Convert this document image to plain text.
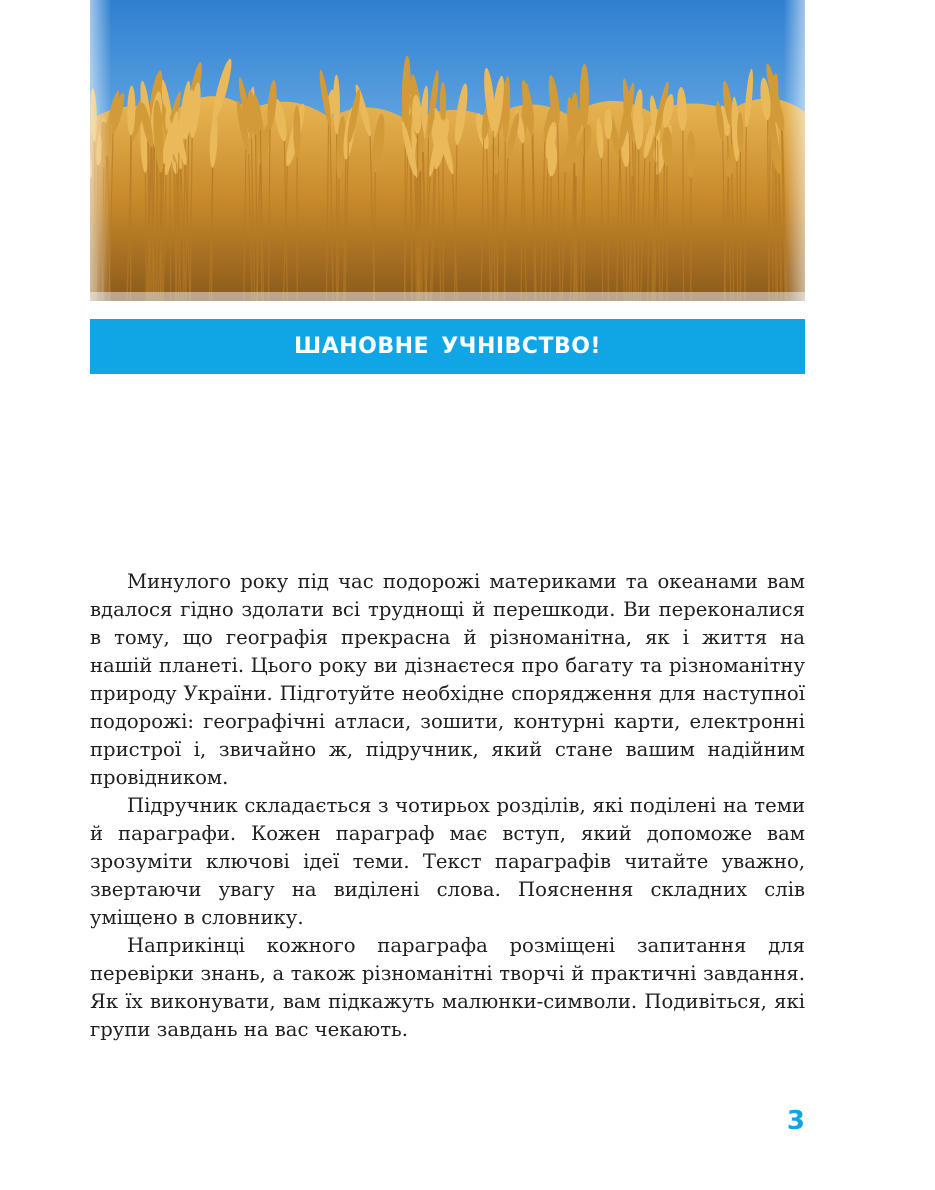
ШАНОВНЕ УЧНІВСТВО!

Минулого року під час подорожі материками та океанами вам вдалося гідно здолати всі труднощі й перешкоди. Ви переконалися в тому, що географія прекрасна й різноманітна, як і життя на нашій планеті. Цього року ви дізнаєтеся про багату та різноманітну природу України. Підготуйте необхідне спорядження для наступної подорожі: географічні атласи, зошити, контурні карти, електронні пристрої і, звичайно ж, підручник, який стане вашим надійним провідником.

Підручник складається з чотирьох розділів, які поділені на теми й параграфи. Кожен параграф має вступ, який допоможе вам зрозуміти ключові ідеї теми. Текст параграфів читайте уважно, звертаючи увагу на виділені слова. Пояснення складних слів уміщено в словнику.

Наприкінці кожного параграфа розміщені запитання для перевірки знань, а також різноманітні творчі й практичні завдання. Як їх виконувати, вам підкажуть малюнки-символи. Подивіться, які групи завдань на вас чекають.

3
